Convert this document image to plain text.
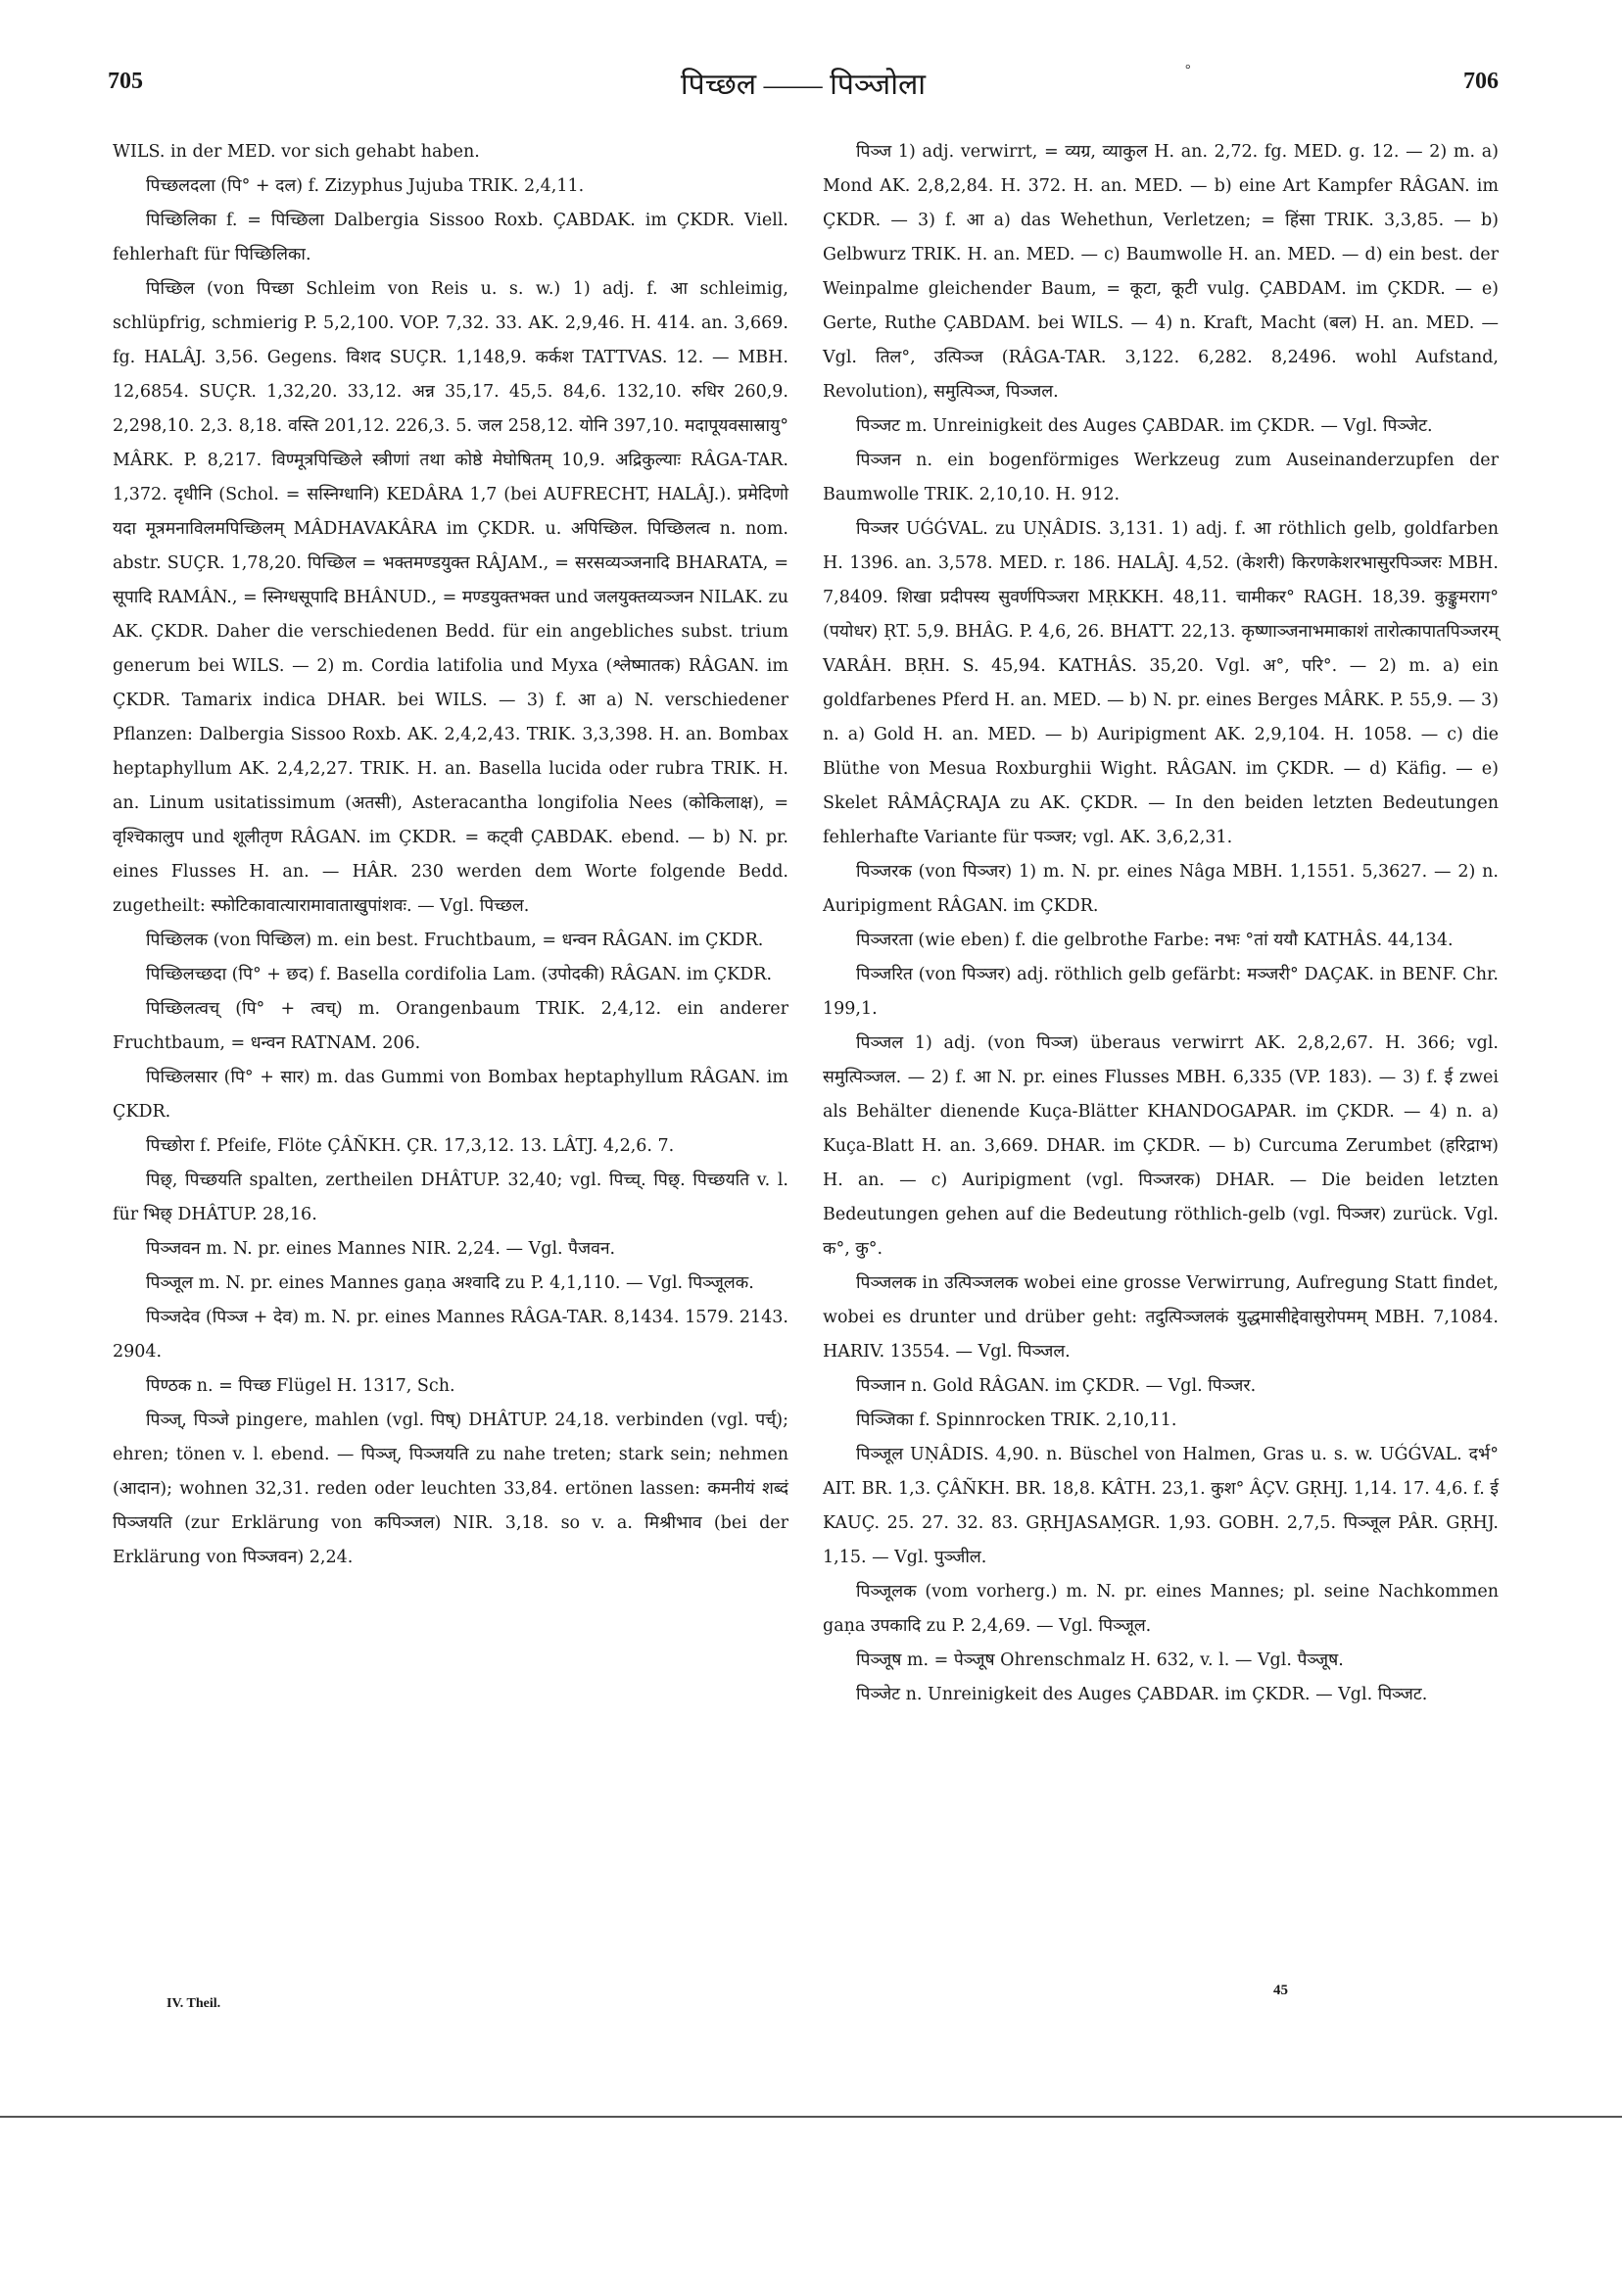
705	पिच्छल —— पिञ्जोला	°	706

WILS. in der MED. vor sich gehabt haben.

पिच्छलदला (पि° + दल) f. Zizyphus Jujuba TRIK. 2,4,11.

पिच्छिलिका f. = पिच्छिला Dalbergia Sissoo Roxb. ÇABDAK. im ÇKDR. Viell. fehlerhaft für पिच्छिलिका.

पिच्छिल (von पिच्छा Schleim von Reis u. s. w.) 1) adj. f. आ schleimig, schlüpfrig, schmierig P. 5,2,100. VOP. 7,32. 33. AK. 2,9,46. H. 414. an. 3,669. fg. HALÂJ. 3,56. Gegens. विशद SUÇR. 1,148,9. कर्कश TATTVAS. 12. — MBH. 12,6854. SUÇR. 1,32,20. 33,12. अन्न 35,17. 45,5. 84,6. 132,10. रुधिर 260,9. 2,298,10. 2,3. 8,18. वस्ति 201,12. 226,3. 5. जल 258,12. योनि 397,10. मदापूयवसास्रायु° MÂRK. P. 8,217. विण्मूत्रपिच्छिले स्त्रीणां तथा कोष्ठे मेघोषितम् 10,9. अद्रिकुल्याः RÂGA-TAR. 1,372. दृधीनि (Schol. = सस्निग्धानि) KEDÂRA 1,7 (bei AUFRECHT, HALÂJ.). प्रमेदिणो यदा मूत्रमनाविलमपिच्छिलम् MÂDHAVAKÂRA im ÇKDR. u. अपिच्छिल. पिच्छिलत्व n. nom. abstr. SUÇR. 1,78,20. पिच्छिल = भक्तमण्डयुक्त RÂJAM., = सरसव्यञ्जनादि BHARATA, = सूपादि RAMÂN., = स्निग्धसूपादि BHÂNUD., = मण्डयुक्तभक्त und जलयुक्तव्यञ्जन NILAK. zu AK. ÇKDR. Daher die verschiedenen Bedd. für ein angebliches subst. trium generum bei WILS. — 2) m. Cordia latifolia und Myxa (श्लेष्मातक) RÂGAN. im ÇKDR. Tamarix indica DHAR. bei WILS. — 3) f. आ a) N. verschiedener Pflanzen: Dalbergia Sissoo Roxb. AK. 2,4,2,43. TRIK. 3,3,398. H. an. Bombax heptaphyllum AK. 2,4,2,27. TRIK. H. an. Basella lucida oder rubra TRIK. H. an. Linum usitatissimum (अतसी), Asteracantha longifolia Nees (कोकिलाक्ष), = वृश्चिकालुप und शूलीतृण RÂGAN. im ÇKDR. = कट्वी ÇABDAK. ebend. — b) N. pr. eines Flusses H. an. — HÂR. 230 werden dem Worte folgende Bedd. zugetheilt: स्फोटिकावात्यारामावाताखुपांशवः. — Vgl. पिच्छल.

पिच्छिलक (von पिच्छिल) m. ein best. Fruchtbaum, = धन्वन RÂGAN. im ÇKDR.

पिच्छिलच्छदा (पि° + छद) f. Basella cordifolia Lam. (उपोदकी) RÂGAN. im ÇKDR.

पिच्छिलत्वच् (पि° + त्वच्) m. Orangenbaum TRIK. 2,4,12. ein anderer Fruchtbaum, = धन्वन RATNAM. 206.

पिच्छिलसार (पि° + सार) m. das Gummi von Bombax heptaphyllum RÂGAN. im ÇKDR.

पिच्छोरा f. Pfeife, Flöte ÇÂÑKH. ÇR. 17,3,12. 13. LÂTJ. 4,2,6. 7.

पिछ्, पिच्छयति spalten, zertheilen DHÂTUP. 32,40; vgl. पिच्च्. पिछ्. पिच्छयति v. l. für भिछ् DHÂTUP. 28,16.

पिञ्जवन m. N. pr. eines Mannes NIR. 2,24. — Vgl. पैजवन.

पिञ्जूल m. N. pr. eines Mannes gaṇa अश्वादि zu P. 4,1,110. — Vgl. पिञ्जूलक.

पिञ्जदेव (पिञ्ज + देव) m. N. pr. eines Mannes RÂGA-TAR. 8,1434. 1579. 2143. 2904.

पिण्ठक n. = पिच्छ Flügel H. 1317, Sch.

पिञ्ज्, पिञ्जे pingere, mahlen (vgl. पिष्) DHÂTUP. 24,18. verbinden (vgl. पर्च्); ehren; tönen v. l. ebend. — पिञ्ज्, पिञ्जयति zu nahe treten; stark sein; nehmen (आदान); wohnen 32,31. reden oder leuchten 33,84. ertönen lassen: कमनीयं शब्दं पिञ्जयति (zur Erklärung von कपिञ्जल) NIR. 3,18. so v. a. मिश्रीभाव (bei der Erklärung von पिञ्जवन) 2,24.

पिञ्ज 1) adj. verwirrt, = व्यग्र, व्याकुल H. an. 2,72. fg. MED. g. 12. — 2) m. a) Mond AK. 2,8,2,84. H. 372. H. an. MED. — b) eine Art Kampfer RÂGAN. im ÇKDR. — 3) f. आ a) das Wehethun, Verletzen; = हिंसा TRIK. 3,3,85. — b) Gelbwurz TRIK. H. an. MED. — c) Baumwolle H. an. MED. — d) ein best. der Weinpalme gleichender Baum, = कूटा, कूटी vulg. ÇABDAM. im ÇKDR. — e) Gerte, Ruthe ÇABDAM. bei WILS. — 4) n. Kraft, Macht (बल) H. an. MED. — Vgl. तिल°, उत्पिञ्ज (RÂGA-TAR. 3,122. 6,282. 8,2496. wohl Aufstand, Revolution), समुत्पिञ्ज, पिञ्जल.

पिञ्जट m. Unreinigkeit des Auges ÇABDAR. im ÇKDR. — Vgl. पिञ्जेट.

पिञ्जन n. ein bogenförmiges Werkzeug zum Auseinanderzupfen der Baumwolle TRIK. 2,10,10. H. 912.

पिञ्जर UǴǴVAL. zu UṆÂDIS. 3,131. 1) adj. f. आ röthlich gelb, goldfarben H. 1396. an. 3,578. MED. r. 186. HALÂJ. 4,52. (केशरी) किरणकेशरभासुरपिञ्जरः MBH. 7,8409. शिखा प्रदीपस्य सुवर्णपिञ्जरा MṚKKH. 48,11. चामीकर° RAGH. 18,39. कुङ्कुमराग° (पयोधर) ṚT. 5,9. BHÂG. P. 4,6, 26. BHATT. 22,13. कृष्णाञ्जनाभमाकाशं तारोत्कापातपिञ्जरम् VARÂH. BṚH. S. 45,94. KATHÂS. 35,20. Vgl. अ°, परि°. — 2) m. a) ein goldfarbenes Pferd H. an. MED. — b) N. pr. eines Berges MÂRK. P. 55,9. — 3) n. a) Gold H. an. MED. — b) Auripigment AK. 2,9,104. H. 1058. — c) die Blüthe von Mesua Roxburghii Wight. RÂGAN. im ÇKDR. — d) Käfig. — e) Skelet RÂMÂÇRAJA zu AK. ÇKDR. — In den beiden letzten Bedeutungen fehlerhafte Variante für पञ्जर; vgl. AK. 3,6,2,31.

पिञ्जरक (von पिञ्जर) 1) m. N. pr. eines Nâga MBH. 1,1551. 5,3627. — 2) n. Auripigment RÂGAN. im ÇKDR.

पिञ्जरता (wie eben) f. die gelbrothe Farbe: नभः °तां ययौ KATHÂS. 44,134.

पिञ्जरित (von पिञ्जर) adj. röthlich gelb gefärbt: मञ्जरी° DAÇAK. in BENF. Chr. 199,1.

पिञ्जल 1) adj. (von पिञ्ज) überaus verwirrt AK. 2,8,2,67. H. 366; vgl. समुत्पिञ्जल. — 2) f. आ N. pr. eines Flusses MBH. 6,335 (VP. 183). — 3) f. ई zwei als Behälter dienende Kuça-Blätter KHANDOGAPAR. im ÇKDR. — 4) n. a) Kuça-Blatt H. an. 3,669. DHAR. im ÇKDR. — b) Curcuma Zerumbet (हरिद्राभ) H. an. — c) Auripigment (vgl. पिञ्जरक) DHAR. — Die beiden letzten Bedeutungen gehen auf die Bedeutung röthlich-gelb (vgl. पिञ्जर) zurück. Vgl. क°, कु°.

पिञ्जलक in उत्पिञ्जलक wobei eine grosse Verwirrung, Aufregung Statt findet, wobei es drunter und drüber geht: तदुत्पिञ्जलकं युद्धमासीद्देवासुरोपमम् MBH. 7,1084. HARIV. 13554. — Vgl. पिञ्जल.

पिञ्जान n. Gold RÂGAN. im ÇKDR. — Vgl. पिञ्जर.

पिञ्जिका f. Spinnrocken TRIK. 2,10,11.

पिञ्जूल UṆÂDIS. 4,90. n. Büschel von Halmen, Gras u. s. w. UǴǴVAL. दर्भ° AIT. BR. 1,3. ÇÂÑKH. BR. 18,8. KÂTH. 23,1. कुश° ÂÇV. GṚHJ. 1,14. 17. 4,6. f. ई KAUÇ. 25. 27. 32. 83. GṚHJASAṂGR. 1,93. GOBH. 2,7,5. पिञ्जूल PÂR. GṚHJ. 1,15. — Vgl. पुञ्जील.

पिञ्जूलक (vom vorherg.) m. N. pr. eines Mannes; pl. seine Nachkommen gaṇa उपकादि zu P. 2,4,69. — Vgl. पिञ्जूल.

पिञ्जूष m. = पेञ्जूष Ohrenschmalz H. 632, v. l. — Vgl. पैञ्जूष.

पिञ्जेट n. Unreinigkeit des Auges ÇABDAR. im ÇKDR. — Vgl. पिञ्जट.

IV. Theil.
45
